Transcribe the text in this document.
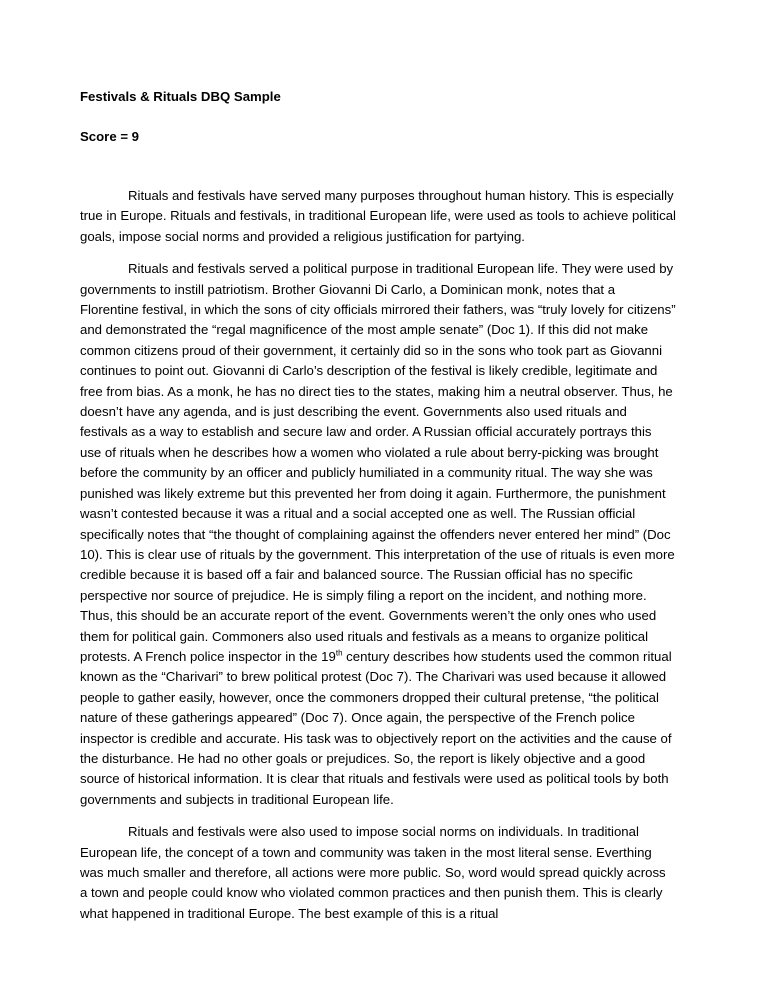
Festivals & Rituals DBQ Sample
Score = 9

Rituals and festivals have served many purposes throughout human history. This is especially true in Europe. Rituals and festivals, in traditional European life, were used as tools to achieve political goals, impose social norms and provided a religious justification for partying.

Rituals and festivals served a political purpose in traditional European life. They were used by governments to instill patriotism. Brother Giovanni Di Carlo, a Dominican monk, notes that a Florentine festival, in which the sons of city officials mirrored their fathers, was “truly lovely for citizens” and demonstrated the “regal magnificence of the most ample senate” (Doc 1). If this did not make common citizens proud of their government, it certainly did so in the sons who took part as Giovanni continues to point out. Giovanni di Carlo’s description of the festival is likely credible, legitimate and free from bias. As a monk, he has no direct ties to the states, making him a neutral observer. Thus, he doesn’t have any agenda, and is just describing the event. Governments also used rituals and festivals as a way to establish and secure law and order. A Russian official accurately portrays this use of rituals when he describes how a women who violated a rule about berry-picking was brought before the community by an officer and publicly humiliated in a community ritual. The way she was punished was likely extreme but this prevented her from doing it again. Furthermore, the punishment wasn’t contested because it was a ritual and a social accepted one as well. The Russian official specifically notes that “the thought of complaining against the offenders never entered her mind” (Doc 10). This is clear use of rituals by the government. This interpretation of the use of rituals is even more credible because it is based off a fair and balanced source. The Russian official has no specific perspective nor source of prejudice. He is simply filing a report on the incident, and nothing more. Thus, this should be an accurate report of the event. Governments weren’t the only ones who used them for political gain. Commoners also used rituals and festivals as a means to organize political protests. A French police inspector in the 19th century describes how students used the common ritual known as the “Charivari” to brew political protest (Doc 7). The Charivari was used because it allowed people to gather easily, however, once the commoners dropped their cultural pretense, “the political nature of these gatherings appeared” (Doc 7). Once again, the perspective of the French police inspector is credible and accurate. His task was to objectively report on the activities and the cause of the disturbance. He had no other goals or prejudices. So, the report is likely objective and a good source of historical information. It is clear that rituals and festivals were used as political tools by both governments and subjects in traditional European life.

Rituals and festivals were also used to impose social norms on individuals. In traditional European life, the concept of a town and community was taken in the most literal sense. Everthing was much smaller and therefore, all actions were more public. So, word would spread quickly across a town and people could know who violated common practices and then punish them. This is clearly what happened in traditional Europe. The best example of this is a ritual
